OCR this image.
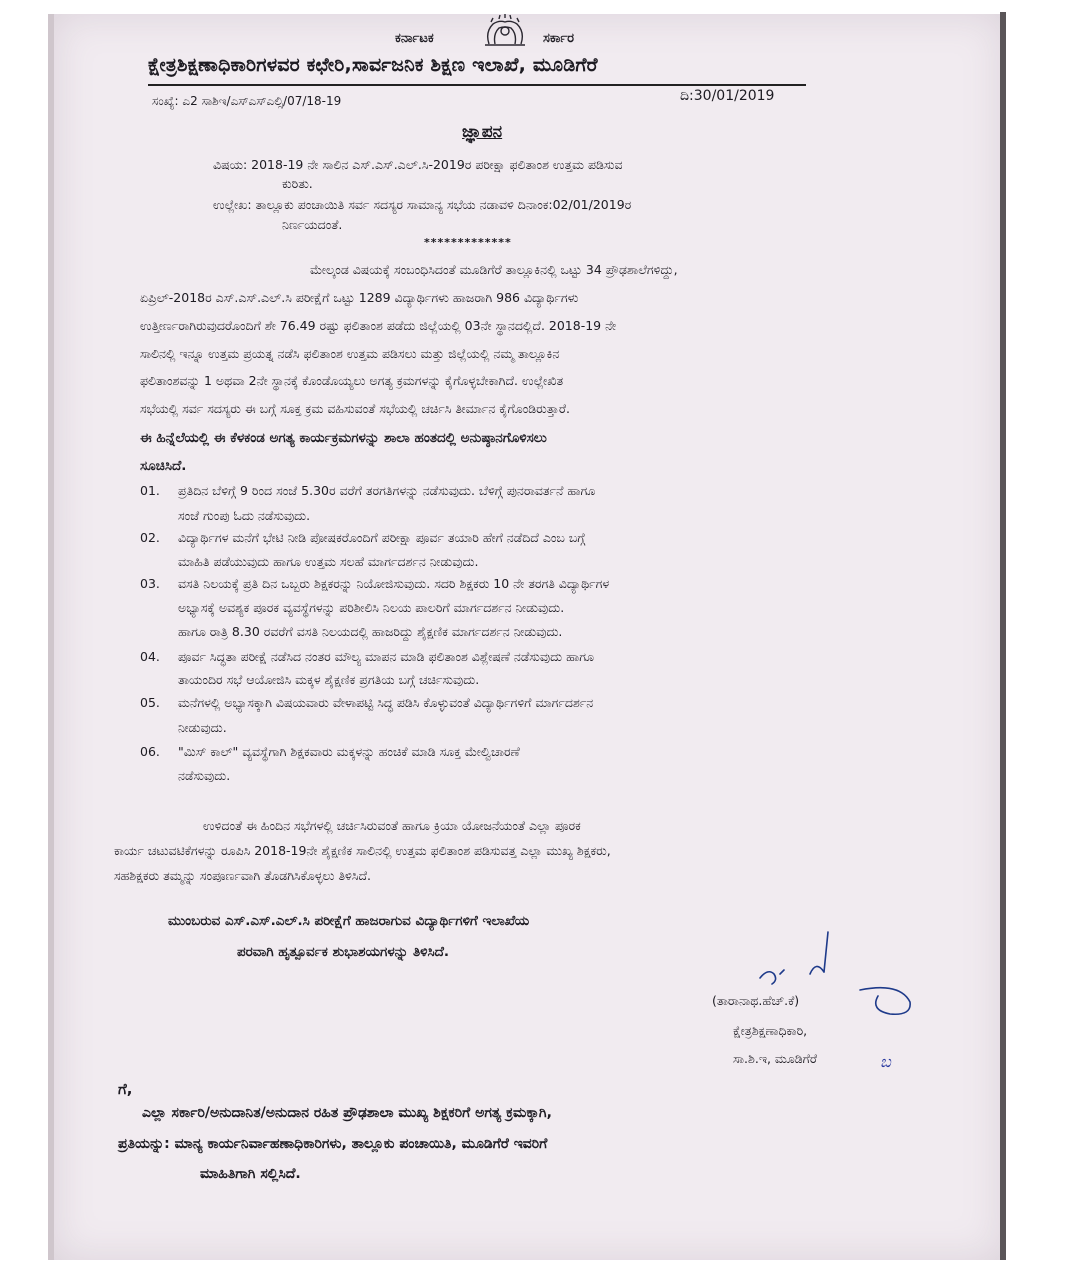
ಕರ್ನಾಟಕ	ಸರ್ಕಾರ
ಕ್ಷೇತ್ರಶಿಕ್ಷಣಾಧಿಕಾರಿಗಳವರ ಕಛೇರಿ,ಸಾರ್ವಜನಿಕ ಶಿಕ್ಷಣ ಇಲಾಖೆ, ಮೂಡಿಗೆರೆ
ಸಂಖ್ಯೆ: ಎ2 ಸಾಶಿಇ/ಎಸ್ಎಸ್ಎಲ್ಸಿ/07/18-19	ದಿ:30/01/2019
ಜ್ಞಾಪನ
ವಿಷಯ: 2018-19 ನೇ ಸಾಲಿನ ಎಸ್.ಎಸ್.ಎಲ್.ಸಿ-2019ರ ಪರೀಕ್ಷಾ ಫಲಿತಾಂಶ ಉತ್ತಮ ಪಡಿಸುವ
ಕುರಿತು.
ಉಲ್ಲೇಖ: ತಾಲ್ಲೂಕು ಪಂಚಾಯಿತಿ ಸರ್ವ ಸದಸ್ಯರ ಸಾಮಾನ್ಯ ಸಭೆಯ ನಡಾವಳಿ ದಿನಾಂಕ:02/01/2019ರ
ನಿರ್ಣಯದಂತೆ.
*************
ಮೇಲ್ಕಂಡ ವಿಷಯಕ್ಕೆ ಸಂಬಂಧಿಸಿದಂತೆ ಮೂಡಿಗೆರೆ ತಾಲ್ಲೂಕಿನಲ್ಲಿ ಒಟ್ಟು 34 ಪ್ರೌಢಶಾಲೆಗಳಿದ್ದು,
ಏಪ್ರಿಲ್-2018ರ ಎಸ್.ಎಸ್.ಎಲ್.ಸಿ ಪರೀಕ್ಷೆಗೆ ಒಟ್ಟು 1289 ವಿದ್ಯಾರ್ಥಿಗಳು ಹಾಜರಾಗಿ 986 ವಿದ್ಯಾರ್ಥಿಗಳು
ಉತ್ತೀರ್ಣರಾಗಿರುವುದರೊಂದಿಗೆ ಶೇ 76.49 ರಷ್ಟು ಫಲಿತಾಂಶ ಪಡೆದು ಜಿಲ್ಲೆಯಲ್ಲಿ 03ನೇ ಸ್ಥಾನದಲ್ಲಿದೆ. 2018-19 ನೇ
ಸಾಲಿನಲ್ಲಿ ಇನ್ನೂ ಉತ್ತಮ ಪ್ರಯತ್ನ ನಡೆಸಿ ಫಲಿತಾಂಶ ಉತ್ತಮ ಪಡಿಸಲು ಮತ್ತು ಜಿಲ್ಲೆಯಲ್ಲಿ ನಮ್ಮ ತಾಲ್ಲೂಕಿನ
ಫಲಿತಾಂಶವನ್ನು 1 ಅಥವಾ 2ನೇ ಸ್ಥಾನಕ್ಕೆ ಕೊಂಡೊಯ್ಯಲು ಅಗತ್ಯ ಕ್ರಮಗಳನ್ನು ಕೈಗೊಳ್ಳಬೇಕಾಗಿದೆ. ಉಲ್ಲೇಖಿತ
ಸಭೆಯಲ್ಲಿ ಸರ್ವ ಸದಸ್ಯರು ಈ ಬಗ್ಗೆ ಸೂಕ್ತ ಕ್ರಮ ವಹಿಸುವಂತೆ ಸಭೆಯಲ್ಲಿ ಚರ್ಚಿಸಿ ತೀರ್ಮಾನ ಕೈಗೊಂಡಿರುತ್ತಾರೆ.
ಈ ಹಿನ್ನೆಲೆಯಲ್ಲಿ ಈ ಕೆಳಕಂಡ ಅಗತ್ಯ ಕಾರ್ಯಕ್ರಮಗಳನ್ನು ಶಾಲಾ ಹಂತದಲ್ಲಿ ಅನುಷ್ಠಾನಗೊಳಿಸಲು
ಸೂಚಿಸಿದೆ.
01. ಪ್ರತಿದಿನ ಬೆಳಿಗ್ಗೆ 9 ರಿಂದ ಸಂಜೆ 5.30ರ ವರೆಗೆ ತರಗತಿಗಳನ್ನು ನಡೆಸುವುದು. ಬೆಳಿಗ್ಗೆ ಪುನರಾವರ್ತನೆ ಹಾಗೂ
ಸಂಜೆ ಗುಂಪು ಓದು ನಡೆಸುವುದು.
02. ವಿದ್ಯಾರ್ಥಿಗಳ ಮನೆಗೆ ಭೇಟಿ ನೀಡಿ ಪೋಷಕರೊಂದಿಗೆ ಪರೀಕ್ಷಾ ಪೂರ್ವ ತಯಾರಿ ಹೇಗೆ ನಡೆದಿದೆ ಎಂಬ ಬಗ್ಗೆ
ಮಾಹಿತಿ ಪಡೆಯುವುದು ಹಾಗೂ ಉತ್ತಮ ಸಲಹೆ ಮಾರ್ಗದರ್ಶನ ನೀಡುವುದು.
03. ವಸತಿ ನಿಲಯಕ್ಕೆ ಪ್ರತಿ ದಿನ ಒಬ್ಬರು ಶಿಕ್ಷಕರನ್ನು ನಿಯೋಜಿಸುವುದು. ಸದರಿ ಶಿಕ್ಷಕರು 10 ನೇ ತರಗತಿ ವಿದ್ಯಾರ್ಥಿಗಳ
ಅಭ್ಯಾಸಕ್ಕೆ ಅವಶ್ಯಕ ಪೂರಕ ವ್ಯವಸ್ಥೆಗಳನ್ನು ಪರಿಶೀಲಿಸಿ ನಿಲಯ ಪಾಲರಿಗೆ ಮಾರ್ಗದರ್ಶನ ನೀಡುವುದು.
ಹಾಗೂ ರಾತ್ರಿ 8.30 ರವರೆಗೆ ವಸತಿ ನಿಲಯದಲ್ಲಿ ಹಾಜರಿದ್ದು ಶೈಕ್ಷಣಿಕ ಮಾರ್ಗದರ್ಶನ ನೀಡುವುದು.
04. ಪೂರ್ವ ಸಿದ್ಧತಾ ಪರೀಕ್ಷೆ ನಡೆಸಿದ ನಂತರ ಮೌಲ್ಯ ಮಾಪನ ಮಾಡಿ ಫಲಿತಾಂಶ ವಿಶ್ಲೇಷಣೆ ನಡೆಸುವುದು ಹಾಗೂ
ತಾಯಂದಿರ ಸಭೆ ಆಯೋಜಿಸಿ ಮಕ್ಕಳ ಶೈಕ್ಷಣಿಕ ಪ್ರಗತಿಯ ಬಗ್ಗೆ ಚರ್ಚಿಸುವುದು.
05. ಮನೆಗಳಲ್ಲಿ ಅಭ್ಯಾಸಕ್ಕಾಗಿ ವಿಷಯವಾರು ವೇಳಾಪಟ್ಟಿ ಸಿದ್ಧ ಪಡಿಸಿ ಕೊಳ್ಳುವಂತೆ ವಿದ್ಯಾರ್ಥಿಗಳಿಗೆ ಮಾರ್ಗದರ್ಶನ
ನೀಡುವುದು.
06. "ಮಿಸ್ ಕಾಲ್" ವ್ಯವಸ್ಥೆಗಾಗಿ ಶಿಕ್ಷಕವಾರು ಮಕ್ಕಳನ್ನು ಹಂಚಿಕೆ ಮಾಡಿ ಸೂಕ್ತ ಮೇಲ್ವಿಚಾರಣೆ
ನಡೆಸುವುದು.
ಉಳಿದಂತೆ ಈ ಹಿಂದಿನ ಸಭೆಗಳಲ್ಲಿ ಚರ್ಚಿಸಿರುವಂತೆ ಹಾಗೂ ಕ್ರಿಯಾ ಯೋಜನೆಯಂತೆ ಎಲ್ಲಾ ಪೂರಕ
ಕಾರ್ಯ ಚಟುವಟಿಕೆಗಳನ್ನು ರೂಪಿಸಿ 2018-19ನೇ ಶೈಕ್ಷಣಿಕ ಸಾಲಿನಲ್ಲಿ ಉತ್ತಮ ಫಲಿತಾಂಶ ಪಡಿಸುವತ್ತ ಎಲ್ಲಾ ಮುಖ್ಯ ಶಿಕ್ಷಕರು,
ಸಹಶಿಕ್ಷಕರು ತಮ್ಮನ್ನು ಸಂಪೂರ್ಣವಾಗಿ ತೊಡಗಿಸಿಕೊಳ್ಳಲು ತಿಳಿಸಿದೆ.
ಮುಂಬರುವ ಎಸ್.ಎಸ್.ಎಲ್.ಸಿ ಪರೀಕ್ಷೆಗೆ ಹಾಜರಾಗುವ ವಿದ್ಯಾರ್ಥಿಗಳಿಗೆ ಇಲಾಖೆಯ
ಪರವಾಗಿ ಹೃತ್ಪೂರ್ವಕ ಶುಭಾಶಯಗಳನ್ನು ತಿಳಿಸಿದೆ.
(ತಾರಾನಾಥ.ಹೆಚ್.ಕೆ)
ಕ್ಷೇತ್ರಶಿಕ್ಷಣಾಧಿಕಾರಿ,
ಸಾ.ಶಿ.ಇ, ಮೂಡಿಗೆರೆ	ಬ
ಗೆ,
ಎಲ್ಲಾ ಸರ್ಕಾರಿ/ಅನುದಾನಿತ/ಅನುದಾನ ರಹಿತ ಪ್ರೌಢಶಾಲಾ ಮುಖ್ಯ ಶಿಕ್ಷಕರಿಗೆ ಅಗತ್ಯ ಕ್ರಮಕ್ಕಾಗಿ,
ಪ್ರತಿಯನ್ನು: ಮಾನ್ಯ ಕಾರ್ಯನಿರ್ವಾಹಣಾಧಿಕಾರಿಗಳು, ತಾಲ್ಲೂಕು ಪಂಚಾಯಿತಿ, ಮೂಡಿಗೆರೆ ಇವರಿಗೆ
ಮಾಹಿತಿಗಾಗಿ ಸಲ್ಲಿಸಿದೆ.
